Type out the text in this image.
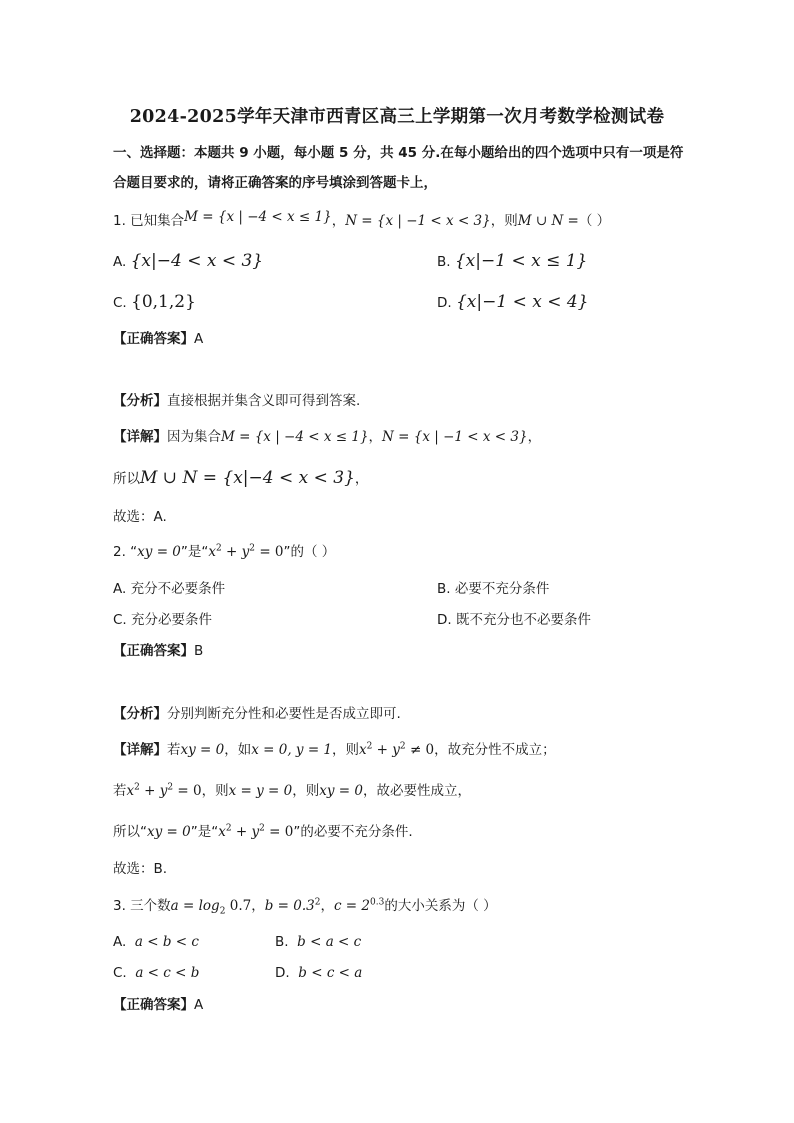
2024-2025学年天津市西青区高三上学期第一次月考数学检测试卷
一、选择题：本题共 9 小题，每小题 5 分，共 45 分.在每小题给出的四个选项中只有一项是符
合题目要求的，请将正确答案的序号填涂到答题卡上，
1. 已知集合M = {x | −4 < x ≤ 1}，N = {x | −1 < x < 3}，则M ∪ N =（ ）
A. {x|−4 < x < 3}	B. {x|−1 < x ≤ 1}
C. {0,1,2}	D. {x|−1 < x < 4}
【正确答案】A
【分析】直接根据并集含义即可得到答案.
【详解】因为集合M = {x | −4 < x ≤ 1}，N = {x | −1 < x < 3}，
所以M ∪ N = {x|−4 < x < 3}，
故选：A.
2. “xy = 0”是“$x^2 + y^2 = 0$”的（ ）
A. 充分不必要条件	B. 必要不充分条件
C. 充分必要条件	D. 既不充分也不必要条件
【正确答案】B
【分析】分别判断充分性和必要性是否成立即可.
【详解】若xy = 0，如x = 0, y = 1，则$x^2 + y^2 \ne 0$，故充分性不成立；
若$x^2 + y^2 = 0$，则x = y = 0，则xy = 0，故必要性成立，
所以“xy = 0”是“$x^2 + y^2 = 0$”的必要不充分条件.
故选：B.
3. 三个数$a = \log_2 0.7$，$b = 0.3^2$，$c = 2^{0.3}$的大小关系为（ ）
A. a < b < c	B. b < a < c
C. a < c < b	D. b < c < a
【正确答案】A
